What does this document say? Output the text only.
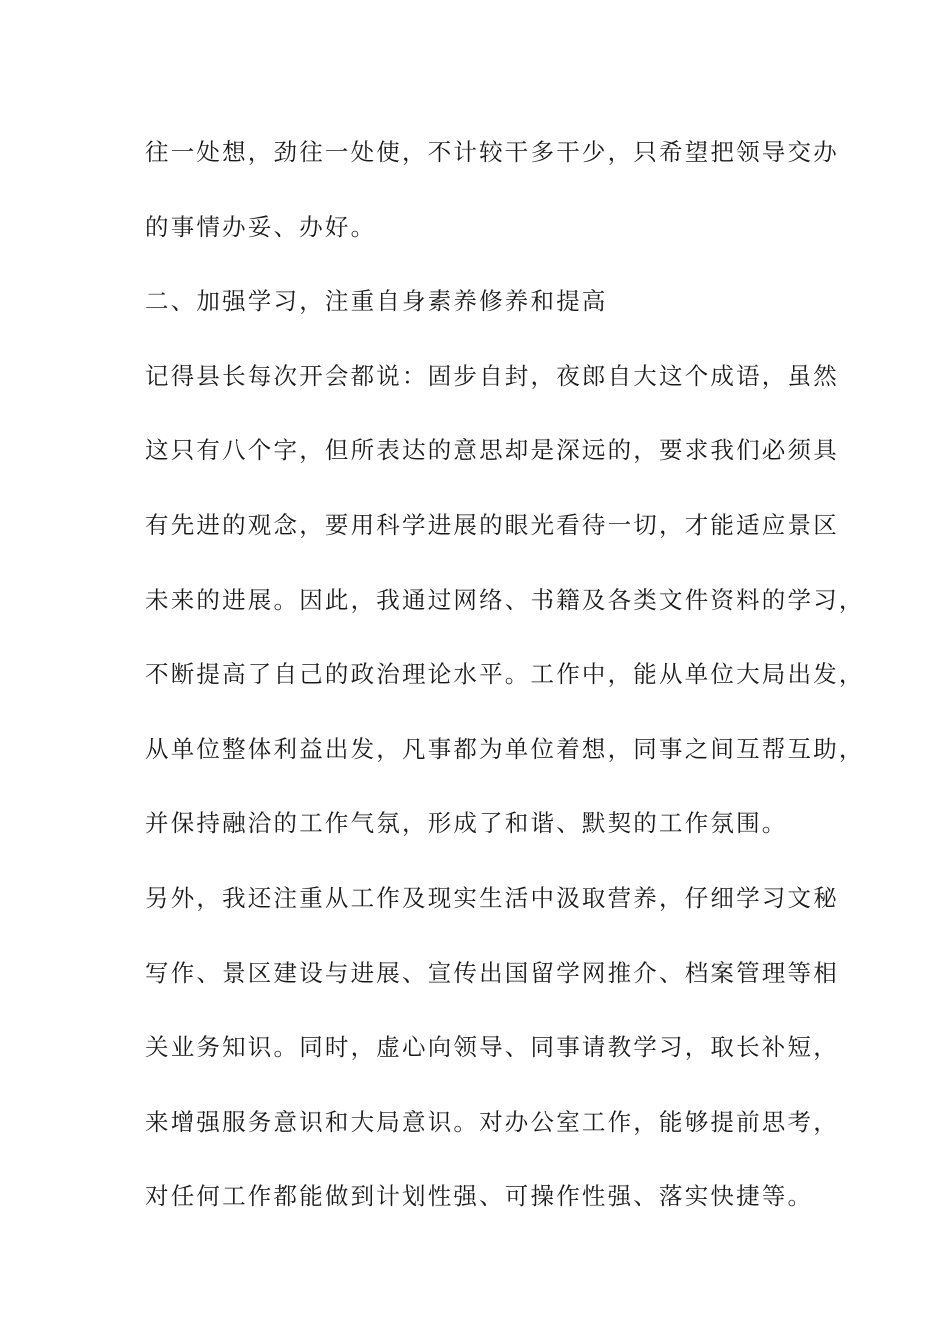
往一处想，劲往一处使，不计较干多干少，只希望把领导交办
的事情办妥、办好。
二、加强学习，注重自身素养修养和提高
记得县长每次开会都说：固步自封，夜郎自大这个成语，虽然
这只有八个字，但所表达的意思却是深远的，要求我们必须具
有先进的观念，要用科学进展的眼光看待一切，才能适应景区
未来的进展。因此，我通过网络、书籍及各类文件资料的学习，
不断提高了自己的政治理论水平。工作中，能从单位大局出发，
从单位整体利益出发，凡事都为单位着想，同事之间互帮互助，
并保持融洽的工作气氛，形成了和谐、默契的工作氛围。
另外，我还注重从工作及现实生活中汲取营养，仔细学习文秘
写作、景区建设与进展、宣传出国留学网推介、档案管理等相
关业务知识。同时，虚心向领导、同事请教学习，取长补短，
来增强服务意识和大局意识。对办公室工作，能够提前思考，
对任何工作都能做到计划性强、可操作性强、落实快捷等。
